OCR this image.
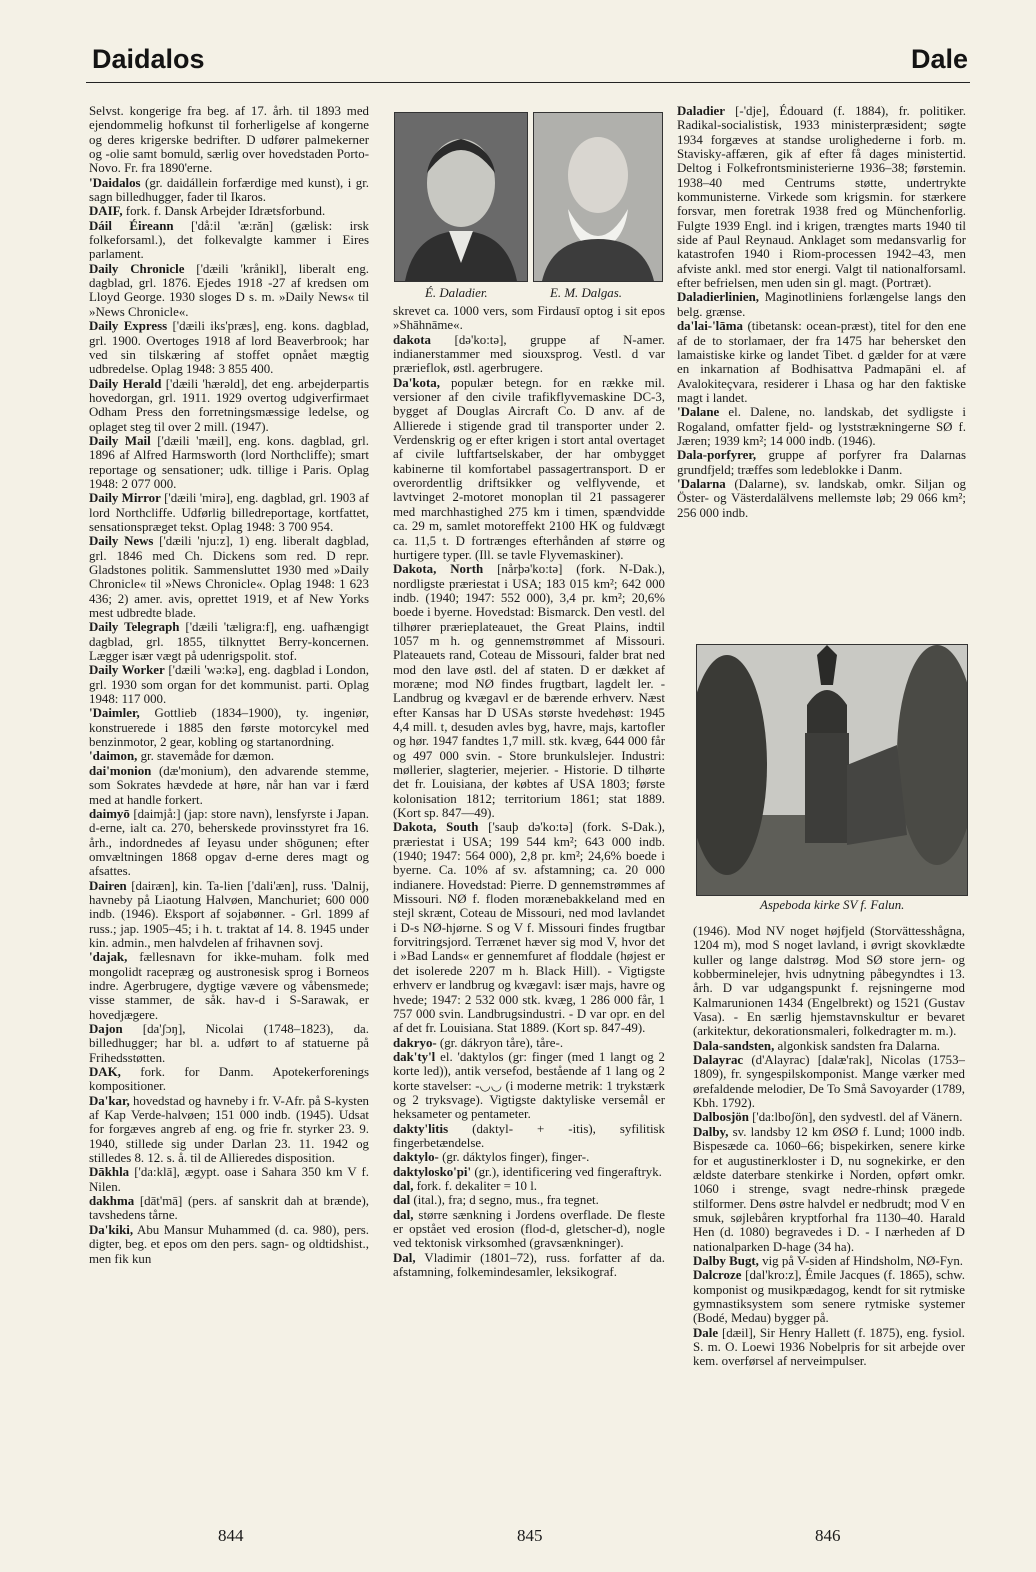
Daidalos	Dale
Selvst. kongerige fra beg. af 17. årh. til 1893 med ejendommelig hofkunst til forherligelse af kongerne og deres krigerske bedrifter. D udfører palmekerner og -olie samt bomuld, særlig over hovedstaden Porto-Novo. Fr. fra 1890'erne.
'Daidalos (gr. daidállein forfærdige med kunst), i gr. sagn billedhugger, fader til Ikaros.
DAIF, fork. f. Dansk Arbejder Idrætsforbund.
Dáil Éireann ['då:il 'æ:răn] (gælisk: irsk folkeforsaml.), det folkevalgte kammer i Eires parlament.
Daily Chronicle ['dæili 'krånikl], liberalt eng. dagblad, grl. 1876. Ejedes 1918 -27 af kredsen om Lloyd George. 1930 sloges D s. m. »Daily News« til »News Chronicle«.
Daily Express ['dæili iks'præs], eng. kons. dagblad, grl. 1900. Overtoges 1918 af lord Beaverbrook; har ved sin tilskæring af stoffet opnået mægtig udbredelse. Oplag 1948: 3 855 400.
Daily Herald ['dæili 'hærəld], det eng. arbejderpartis hovedorgan, grl. 1911. 1929 overtog udgiverfirmaet Odham Press den forretningsmæssige ledelse, og oplaget steg til over 2 mill. (1947).
Daily Mail ['dæili 'mæil], eng. kons. dagblad, grl. 1896 af Alfred Harmsworth (lord Northcliffe); smart reportage og sensationer; udk. tillige i Paris. Oplag 1948: 2 077 000.
Daily Mirror ['dæili 'mirə], eng. dagblad, grl. 1903 af lord Northcliffe. Udførlig billedreportage, kortfattet, sensationspræget tekst. Oplag 1948: 3 700 954.
Daily News ['dæili 'nju:z], 1) eng. liberalt dagblad, grl. 1846 med Ch. Dickens som red. D repr. Gladstones politik. Sammensluttet 1930 med »Daily Chronicle« til »News Chronicle«. Oplag 1948: 1 623 436; 2) amer. avis, oprettet 1919, et af New Yorks mest udbredte blade.
Daily Telegraph ['dæili 'tæligra:f], eng. uafhængigt dagblad, grl. 1855, tilknyttet Berry-koncernen. Lægger især vægt på udenrigspolit. stof.
Daily Worker ['dæili 'wə:kə], eng. dagblad i London, grl. 1930 som organ for det kommunist. parti. Oplag 1948: 117 000.
'Daimler, Gottlieb (1834–1900), ty. ingeniør, konstruerede i 1885 den første motorcykel med benzinmotor, 2 gear, kobling og startanordning.
'daimon, gr. stavemåde for dæmon.
dai'monion (dæ'monium), den advarende stemme, som Sokrates hævdede at høre, når han var i færd med at handle forkert.
daimyō [daimjå:] (jap: store navn), lensfyrste i Japan. d-erne, ialt ca. 270, beherskede provinsstyret fra 16. årh., indordnedes af Ieyasu under shōgunen; efter omvæltningen 1868 opgav d-erne deres magt og afsattes.
Dairen [dairæn], kin. Ta-lien ['dali'æn], russ. 'Dalnij, havneby på Liaotung Halvøen, Manchuriet; 600 000 indb. (1946). Eksport af sojabønner. - Grl. 1899 af russ.; jap. 1905–45; i h. t. traktat af 14. 8. 1945 under kin. admin., men halvdelen af frihavnen sovj.
'dajak, fællesnavn for ikke-muham. folk med mongolidt racepræg og austronesisk sprog i Borneos indre. Agerbrugere, dygtige vævere og våbensmede; visse stammer, de såk. hav-d i S-Sarawak, er hovedjægere.
Dajon [da'ʃɔŋ], Nicolai (1748–1823), da. billedhugger; har bl. a. udført to af statuerne på Frihedsstøtten.
DAK, fork. for Danm. Apotekerforenings kompositioner.
Da'kar, hovedstad og havneby i fr. V-Afr. på S-kysten af Kap Verde-halvøen; 151 000 indb. (1945). Udsat for forgæves angreb af eng. og frie fr. styrker 23. 9. 1940, stillede sig under Darlan 23. 11. 1942 og stilledes 8. 12. s. å. til de Allieredes disposition.
Dākhla ['da:klā], ægypt. oase i Sahara 350 km V f. Nilen.
dakhma [dāt'mā] (pers. af sanskrit dah at brænde), tavshedens tårne.
Da'kiki, Abu Mansur Muhammed (d. ca. 980), pers. digter, beg. et epos om den pers. sagn- og oldtidshist., men fik kun
É. Daladier.	E. M. Dalgas.
skrevet ca. 1000 vers, som Firdausī optog i sit epos »Shāhnāme«.
dakota [də'ko:tə], gruppe af N-amer. indianerstammer med siouxsprog. Vestl. d var prærieflok, østl. agerbrugere.
Da'kota, populær betegn. for en række mil. versioner af den civile trafikflyvemaskine DC-3, bygget af Douglas Aircraft Co. D anv. af de Allierede i stigende grad til transporter under 2. Verdenskrig og er efter krigen i stort antal overtaget af civile luftfartselskaber, der har ombygget kabinerne til komfortabel passagertransport. D er overordentlig driftsikker og velflyvende, et lavtvinget 2-motoret monoplan til 21 passagerer med marchhastighed 275 km i timen, spændvidde ca. 29 m, samlet motoreffekt 2100 HK og fuldvægt ca. 11,5 t. D fortrænges efterhånden af større og hurtigere typer. (Ill. se tavle Flyvemaskiner).
Dakota, North [nårþə'ko:tə] (fork. N-Dak.), nordligste præriestat i USA; 183 015 km²; 642 000 indb. (1940; 1947: 552 000), 3,4 pr. km²; 20,6% boede i byerne. Hovedstad: Bismarck. Den vestl. del tilhører prærieplateauet, the Great Plains, indtil 1057 m h. og gennemstrømmet af Missouri. Plateauets rand, Coteau de Missouri, falder brat ned mod den lave østl. del af staten. D er dækket af moræne; mod NØ findes frugtbart, lagdelt ler. - Landbrug og kvægavl er de bærende erhverv. Næst efter Kansas har D USAs største hvedehøst: 1945 4,4 mill. t, desuden avles byg, havre, majs, kartofler og hør. 1947 fandtes 1,7 mill. stk. kvæg, 644 000 får og 497 000 svin. - Store brunkulslejer. Industri: møllerier, slagterier, mejerier. - Historie. D tilhørte det fr. Louisiana, der købtes af USA 1803; første kolonisation 1812; territorium 1861; stat 1889. (Kort sp. 847—49).
Dakota, South ['sauþ də'ko:tə] (fork. S-Dak.), præriestat i USA; 199 544 km²; 643 000 indb. (1940; 1947: 564 000), 2,8 pr. km²; 24,6% boede i byerne. Ca. 10% af sv. afstamning; ca. 20 000 indianere. Hovedstad: Pierre. D gennemstrømmes af Missouri. NØ f. floden morænebakkeland med en stejl skrænt, Coteau de Missouri, ned mod lavlandet i D-s NØ-hjørne. S og V f. Missouri findes frugtbar forvitringsjord. Terrænet hæver sig mod V, hvor det i »Bad Lands« er gennemfuret af floddale (højest er det isolerede 2207 m h. Black Hill). - Vigtigste erhverv er landbrug og kvægavl: især majs, havre og hvede; 1947: 2 532 000 stk. kvæg, 1 286 000 får, 1 757 000 svin. Landbrugsindustri. - D var opr. en del af det fr. Louisiana. Stat 1889. (Kort sp. 847-49).
dakryo- (gr. dákryon tåre), tåre-.
dak'ty'l el. 'daktylos (gr: finger (med 1 langt og 2 korte led)), antik versefod, bestående af 1 lang og 2 korte stavelser: -◡◡ (i moderne metrik: 1 trykstærk og 2 tryksvage). Vigtigste daktyliske versemål er heksameter og pentameter.
dakty'litis (daktyl- + -itis), syfilitisk fingerbetændelse.
daktylo- (gr. dáktylos finger), finger-.
daktylosko'pi' (gr.), identificering ved fingeraftryk.
dal, fork. f. dekaliter = 10 l.
dal (ital.), fra; d segno, mus., fra tegnet.
dal, større sænkning i Jordens overflade. De fleste er opstået ved erosion (flod-d, gletscher-d), nogle ved tektonisk virksomhed (gravsænkninger).
Dal, Vladimir (1801–72), russ. forfatter af da. afstamning, folkemindesamler, leksikograf.
Daladier [-'dje], Édouard (f. 1884), fr. politiker. Radikal-socialistisk, 1933 ministerpræsident; søgte 1934 forgæves at standse urolighederne i forb. m. Stavisky-affæren, gik af efter få dages ministertid. Deltog i Folkefrontsministerierne 1936–38; førstemin. 1938–40 med Centrums støtte, undertrykte kommunisterne. Virkede som krigsmin. for stærkere forsvar, men foretrak 1938 fred og Münchenforlig. Fulgte 1939 Engl. ind i krigen, trængtes marts 1940 til side af Paul Reynaud. Anklaget som medansvarlig for katastrofen 1940 i Riom-processen 1942–43, men afviste ankl. med stor energi. Valgt til nationalforsaml. efter befrielsen, men uden sin gl. magt. (Portræt).
Daladierlinien, Maginotliniens forlængelse langs den belg. grænse.
da'lai-'lāma (tibetansk: ocean-præst), titel for den ene af de to storlamaer, der fra 1475 har behersket den lamaistiske kirke og landet Tibet. d gælder for at være en inkarnation af Bodhisattva Padmapāni el. af Avalokiteçvara, residerer i Lhasa og har den faktiske magt i landet.
'Dalane el. Dalene, no. landskab, det sydligste i Rogaland, omfatter fjeld- og lyststrækningerne SØ f. Jæren; 1939 km²; 14 000 indb. (1946).
Dala-porfyrer, gruppe af porfyrer fra Dalarnas grundfjeld; træffes som ledeblokke i Danm.
'Dalarna (Dalarne), sv. landskab, omkr. Siljan og Öster- og Västerdalälvens mellemste løb; 29 066 km²; 256 000 indb.
Aspeboda kirke SV f. Falun.
(1946). Mod NV noget højfjeld (Storvättesshågna, 1204 m), mod S noget lavland, i øvrigt skovklædte kuller og lange dalstrøg. Mod SØ store jern- og kobberminelejer, hvis udnytning påbegyndtes i 13. årh. D var udgangspunkt f. rejsningerne mod Kalmarunionen 1434 (Engelbrekt) og 1521 (Gustav Vasa). - En særlig hjemstavnskultur er bevaret (arkitektur, dekorationsmaleri, folkedragter m. m.).
Dala-sandsten, algonkisk sandsten fra Dalarna.
Dalayrac (d'Alayrac) [dalæ'rak], Nicolas (1753–1809), fr. syngespilskomponist. Mange værker med ørefaldende melodier, De To Små Savoyarder (1789, Kbh. 1792).
Dalbosjön ['da:lboʃön], den sydvestl. del af Vänern.
Dalby, sv. landsby 12 km ØSØ f. Lund; 1000 indb. Bispesæde ca. 1060–66; bispekirken, senere kirke for et augustinerkloster i D, nu sognekirke, er den ældste daterbare stenkirke i Norden, opført omkr. 1060 i strenge, svagt nedre-rhinsk prægede stilformer. Dens østre halvdel er nedbrudt; mod V en smuk, søjlebåren kryptforhal fra 1130–40. Harald Hen (d. 1080) begravedes i D. - I nærheden af D nationalparken D-hage (34 ha).
Dalby Bugt, vig på V-siden af Hindsholm, NØ-Fyn.
Dalcroze [dal'kro:z], Émile Jacques (f. 1865), schw. komponist og musikpædagog, kendt for sit rytmiske gymnastiksystem som senere rytmiske systemer (Bodé, Medau) bygger på.
Dale [dæil], Sir Henry Hallett (f. 1875), eng. fysiol. S. m. O. Loewi 1936 Nobelpris for sit arbejde over kem. overførsel af nerveimpulser.
844	845	846
